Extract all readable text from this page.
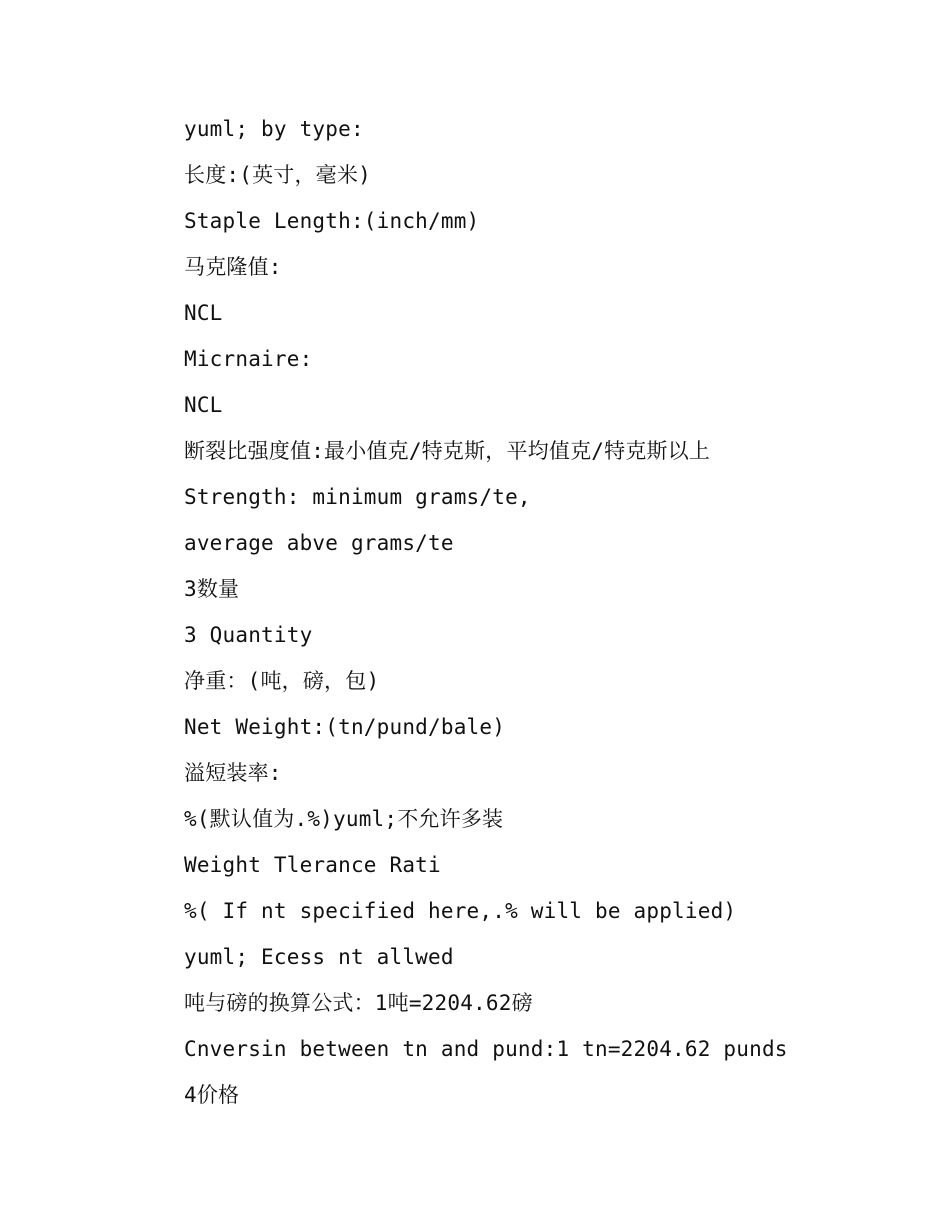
yuml; by type:
长度:(英寸，毫米)
Staple Length:(inch/mm)
马克隆值:
NCL
Micrnaire:
NCL
断裂比强度值:最小值克/特克斯，平均值克/特克斯以上
Strength: minimum grams/te,
average abve grams/te
3数量
3 Quantity
净重：(吨，磅，包)
Net Weight:(tn/pund/bale)
溢短装率:
%(默认值为.%)yuml;不允许多装
Weight Tlerance Rati
%( If nt specified here,.% will be applied)
yuml; Ecess nt allwed
吨与磅的换算公式：1吨=2204.62磅
Cnversin between tn and pund:1 tn=2204.62 punds
4价格
